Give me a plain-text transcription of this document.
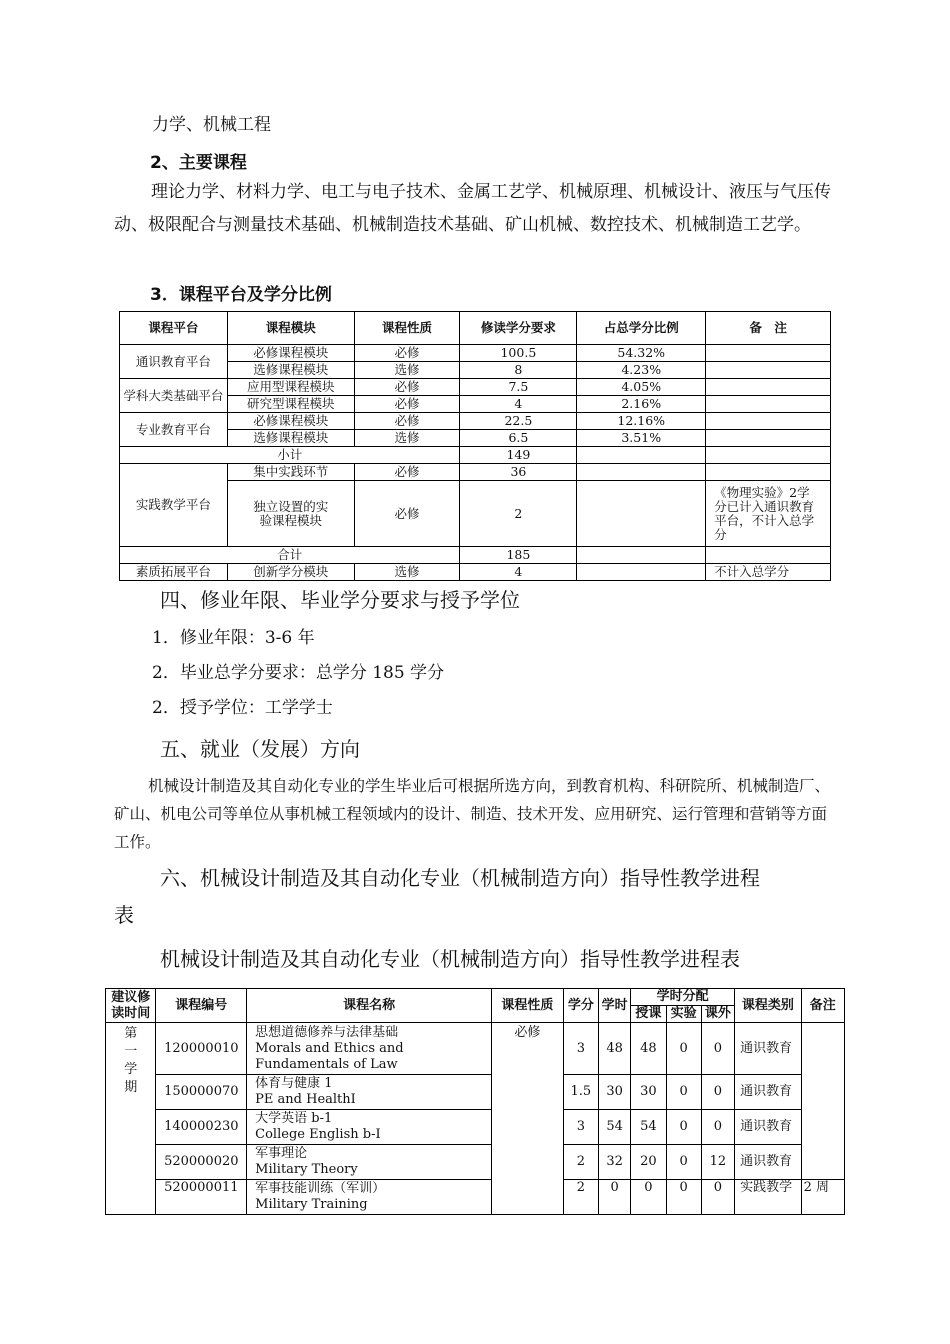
力学、机械工程
2、主要课程
理论力学、材料力学、电工与电子技术、金属工艺学、机械原理、机械设计、液压与气压传动、极限配合与测量技术基础、机械制造技术基础、矿山机械、数控技术、机械制造工艺学。
3．课程平台及学分比例
课程平台	课程模块	课程性质	修读学分要求	占总学分比例	备　注
通识教育平台	必修课程模块	必修	100.5	54.32%	
	选修课程模块	选修	8	4.23%	
学科大类基础平台	应用型课程模块	必修	7.5	4.05%	
	研究型课程模块	必修	4	2.16%	
专业教育平台	必修课程模块	必修	22.5	12.16%	
	选修课程模块	选修	6.5	3.51%	
小计			149		
实践教学平台	集中实践环节	必修	36		
	独立设置的实验课程模块	必修	2		《物理实验》2学分已计入通识教育平台，不计入总学分
合计			185		
素质拓展平台	创新学分模块	选修	4		不计入总学分
四、修业年限、毕业学分要求与授予学位
1．修业年限：3-6 年
2．毕业总学分要求：总学分 185 学分
2．授予学位：工学学士
五、就业（发展）方向
机械设计制造及其自动化专业的学生毕业后可根据所选方向，到教育机构、科研院所、机械制造厂、矿山、机电公司等单位从事机械工程领域内的设计、制造、技术开发、应用研究、运行管理和营销等方面工作。
六、机械设计制造及其自动化专业（机械制造方向）指导性教学进程
表
机械设计制造及其自动化专业（机械制造方向）指导性教学进程表
建议修读时间	课程编号	课程名称	课程性质	学分	学时	学时分配			课程类别	备注
						授课	实验	课外		
第一学期	120000010	思想道德修养与法律基础
Morals and Ethics and Fundamentals of Law	必修	3	48	48	0	0	通识教育	
	150000070	体育与健康 1
PE and HealthⅠ		1.5	30	30	0	0	通识教育	
	140000230	大学英语 b-1
College English b-Ⅰ		3	54	54	0	0	通识教育	
	520000020	军事理论
Military Theory		2	32	20	0	12	通识教育	
	520000011	军事技能训练（军训）
Military Training		2	0	0	0	0	实践教学	2 周
